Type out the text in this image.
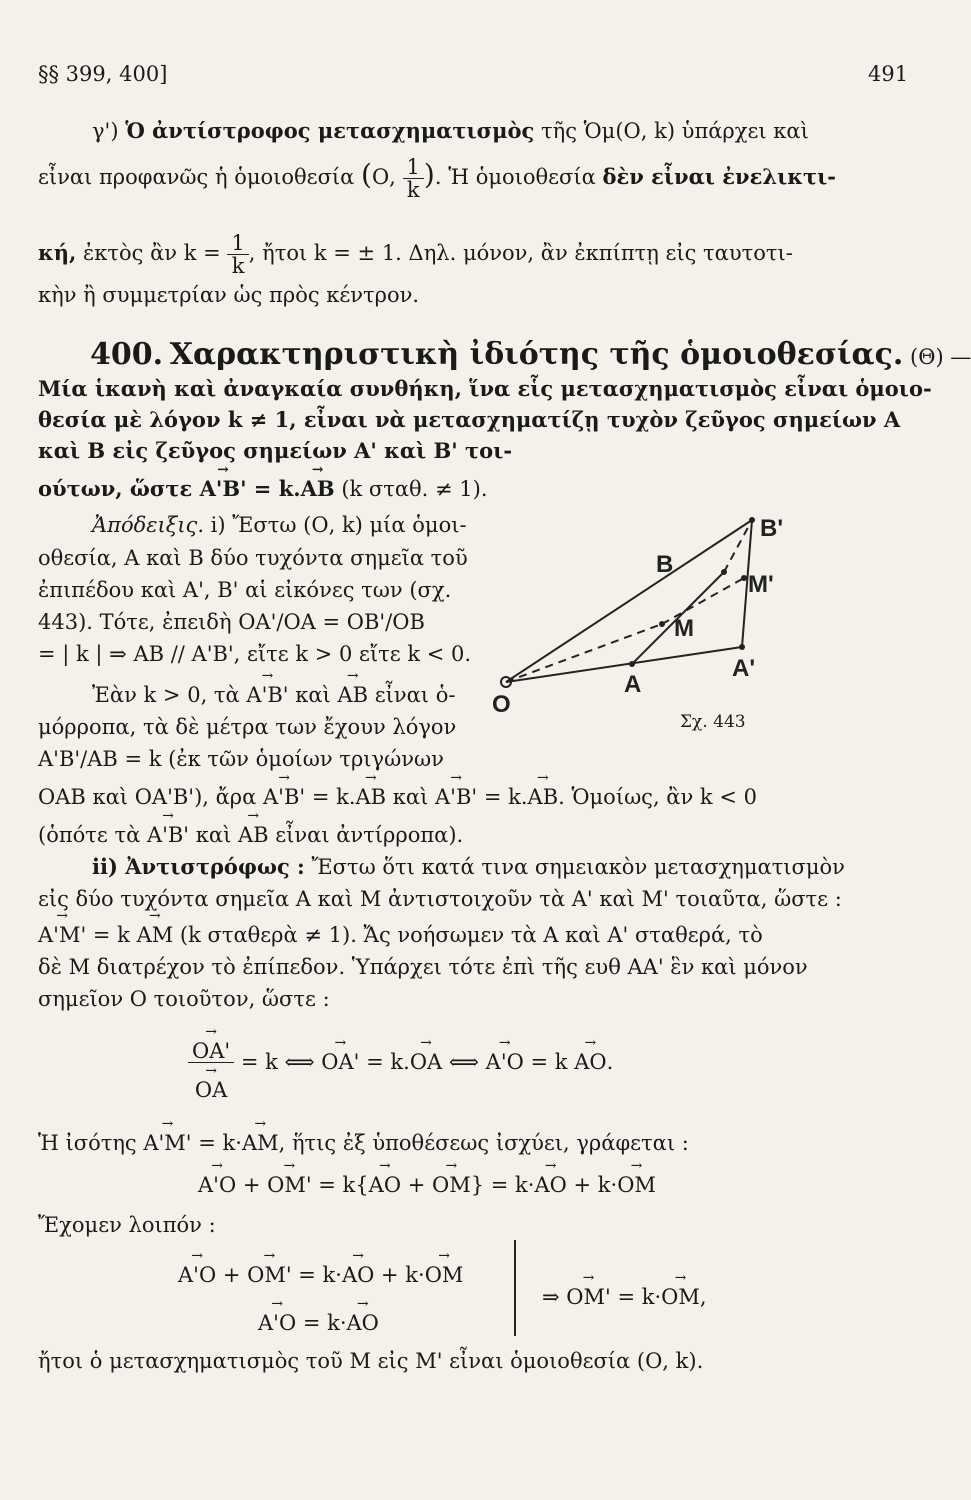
§§ 399, 400]	491
γ') Ὁ ἀντίστροφος μετασχηματισμὸς τῆς Ὁμ(Ο, k) ὑπάρχει καὶ
εἶναι προφανῶς ἡ ὁμοιοθεσία (Ο, $\frac{1}{k}$ ). Ἡ ὁμοιοθεσία δὲν εἶναι ἐνελικτι-
κή, ἐκτὸς ἂν $k = \frac{1}{k}$ , ἤτοι k = ± 1. Δηλ. μόνον, ἂν ἐκπίπτῃ εἰς ταυτοτι-
κὴν ἢ συμμετρίαν ὡς πρὸς κέντρον.
400. Χαρακτηριστικὴ ἰδιότης τῆς ὁμοιοθεσίας. (Θ) —
Μία ἱκανὴ καὶ ἀναγκαία συνθήκη, ἵνα εἷς μετασχηματισμὸς εἶναι ὁμοιο-
θεσία μὲ λόγον k ≠ 1, εἶναι νὰ μετασχηματίζῃ τυχὸν ζεῦγος σημείων Α
καὶ Β εἰς ζεῦγος σημείων Α' καὶ Β' τοι-
ούτων, ὥστε → Α'Β' = k.→ ΑΒ (k σταθ. ≠ 1).
Ἀπόδειξις. i) Ἔστω (Ο, k) μία ὁμοι-
οθεσία, Α καὶ Β δύο τυχόντα σημεῖα τοῦ
ἐπιπέδου καὶ Α', Β' αἱ εἰκόνες των (σχ.
443). Τότε, ἐπειδὴ ΟΑ'/ΟΑ = ΟΒ'/ΟΒ
= | k | ⇒ ΑΒ // Α'Β', εἴτε k > 0 εἴτε k < 0.
Ἐὰν k > 0, τὰ → Α'Β' καὶ → ΑΒ εἶναι ὁ-
μόρροπα, τὰ δὲ μέτρα των ἔχουν λόγον
Α'Β'/ΑΒ = k (ἐκ τῶν ὁμοίων τριγώνων
ΟΑΒ καὶ ΟΑ'Β'), ἄρα → Α'Β' = k.→ ΑΒ καὶ → Α'Β' = k.→ ΑΒ. Ὁμοίως, ἂν k < 0
(ὁπότε τὰ → Α'Β' καὶ → ΑΒ εἶναι ἀντίρροπα).
ii) Ἀντιστρόφως : Ἔστω ὅτι κατά τινα σημειακὸν μετασχηματισμὸν
εἰς δύο τυχόντα σημεῖα Α καὶ Μ ἀντιστοιχοῦν τὰ Α' καὶ Μ' τοιαῦτα, ὥστε :
→ Α'Μ' = k → ΑΜ (k σταθερὰ ≠ 1). Ἄς νοήσωμεν τὰ Α καὶ Α' σταθερά, τὸ
δὲ Μ διατρέχον τὸ ἐπίπεδον. Ὑπάρχει τότε ἐπὶ τῆς ευθ ΑΑ' ἓν καὶ μόνον
σημεῖον Ο τοιοῦτον, ὥστε :
→ ΟΑ'
→ ΟΑ = k ⟺ → ΟΑ' = k.→ ΟΑ ⟺ → Α'Ο = k → ΑΟ.
Ἡ ἰσότης → Α'Μ' = k·→ ΑΜ, ἥτις ἐξ ὑποθέσεως ἰσχύει, γράφεται :
→ Α'Ο + → ΟΜ' = k{→ ΑΟ + → ΟΜ} = k·→ ΑΟ + k·→ ΟΜ
Ἔχομεν λοιπόν :
→ Α'Ο + → ΟΜ' = k·→ ΑΟ + k·→ ΟΜ
→ Α'Ο = k·→ ΑΟ
⇒ → ΟΜ' = k·→ ΟΜ,
ἤτοι ὁ μετασχηματισμὸς τοῦ Μ εἰς Μ' εἶναι ὁμοιοθεσία (Ο, k).
O
A
A'
B
B'
M
M'
Σχ. 443
